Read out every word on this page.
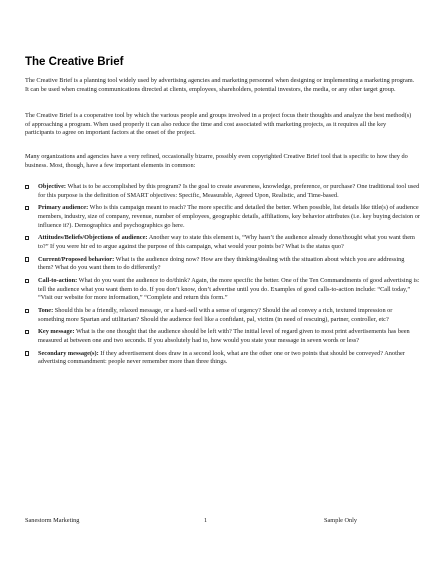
The Creative Brief

The Creative Brief is a planning tool widely used by advertising agencies and marketing personnel when designing or implementing a marketing program. It can be used when creating communications directed at clients, employees, shareholders, potential investors, the media, or any other target group.

The Creative Brief is a cooperative tool by which the various people and groups involved in a project focus their thoughts and analyze the best method(s) of approaching a program. When used properly it can also reduce the time and cost associated with marketing projects, as it requires all the key participants to agree on important factors at the onset of the project.

Many organizations and agencies have a very refined, occasionally bizarre, possibly even copyrighted Creative Brief tool that is specific to how they do business. Most, though, have a few important elements in common:

Objective: What is to be accomplished by this program? Is the goal to create awareness, knowledge, preference, or purchase? One traditional tool used for this purpose is the definition of SMART objectives: Specific, Measurable, Agreed Upon, Realistic, and Time-based.
Primary audience: Who is this campaign meant to reach? The more specific and detailed the better. When possible, list details like title(s) of audience members, industry, size of company, revenue, number of employees, geographic details, affiliations, key behavior attributes (i.e. key buying decision or influence it?). Demographics and psychographics go here.
Attitudes/Beliefs/Objections of audience: Another way to state this element is, “Why hasn’t the audience already done/thought what you want them to?” If you were hir ed to argue against the purpose of this campaign, what would your points be? What is the status quo?
Current/Proposed behavior: What is the audience doing now? How are they thinking/dealing with the situation about which you are addressing them? What do you want them to do differently?
Call-to-action: What do you want the audience to do/think? Again, the more specific the better. One of the Ten Commandments of good advertising is: tell the audience what you want them to do. If you don’t know, don’t advertise until you do. Examples of good calls-to-action include: “Call today,” “Visit our website for more information,” “Complete and return this form.”
Tone: Should this be a friendly, relaxed message, or a hard-sell with a sense of urgency? Should the ad convey a rich, textured impression or something more Spartan and utilitarian? Should the audience feel like a confidant, pal, victim (in need of rescuing), partner, controller, etc?
Key message: What is the one thought that the audience should be left with? The initial level of regard given to most print advertisements has been measured at between one and two seconds. If you absolutely had to, how would you state your message in seven words or less?
Secondary message(s): If they advertisement does draw in a second look, what are the other one or two points that should be conveyed? Another advertising commandment: people never remember more than three things.

Sanestorm Marketing	1	Sample Only
